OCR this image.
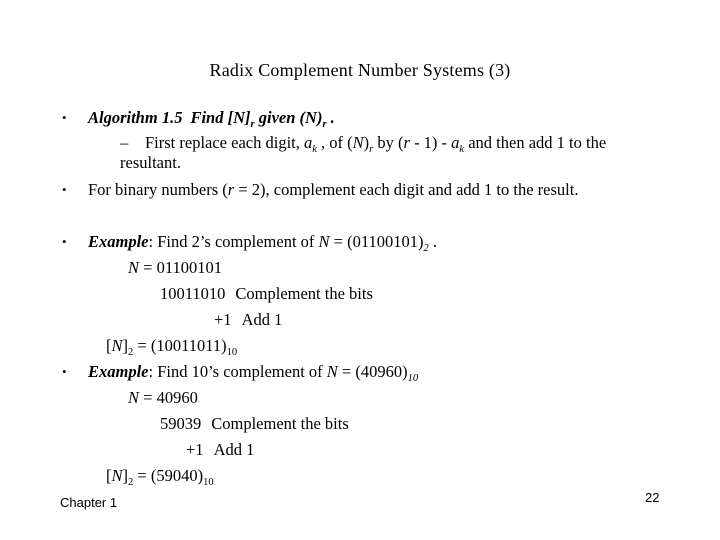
Radix Complement Number Systems (3)
• Algorithm 1.5 Find $[N]_r$ given $(N)_r$ .
– First replace each digit, $a_k$ , of $(N)_r$ by $(r - 1) - a_k$ and then add 1 to the
resultant.
• For binary numbers (r = 2), complement each digit and add 1 to the result.
• Example: Find 2’s complement of $N = (01100101)_2$ .
N = 01100101
10011010 Complement the bits
+1 Add 1
$[N]_2 = (10011011)_{10}$
• Example: Find 10’s complement of $N = (40960)_{10}$
N = 40960
59039 Complement the bits
+1 Add 1
$[N]_2 = (59040)_{10}$
Chapter 1	22
